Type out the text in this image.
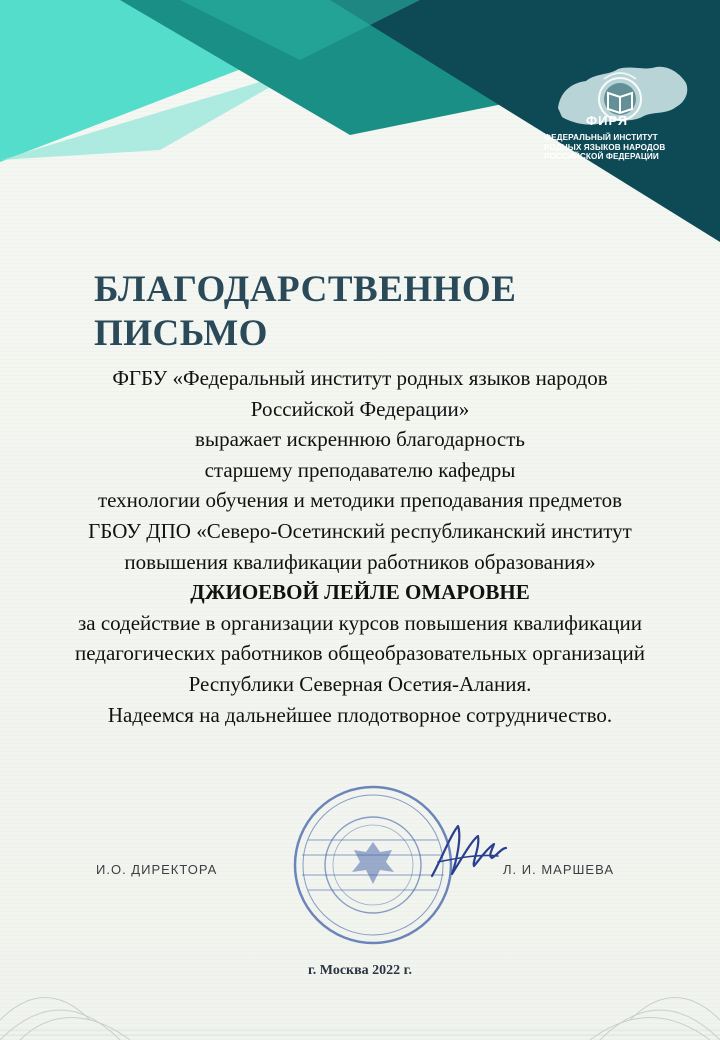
ФИРЯ
ФЕДЕРАЛЬНЫЙ ИНСТИТУТ
РОДНЫХ ЯЗЫКОВ НАРОДОВ
РОССИЙСКОЙ ФЕДЕРАЦИИ
БЛАГОДАРСТВЕННОЕ
ПИСЬМО
ФГБУ «Федеральный институт родных языков народов
Российской Федерации»
выражает искреннюю благодарность
старшему преподавателю кафедры
технологии обучения и методики преподавания предметов
ГБОУ ДПО «Северо-Осетинский республиканский институт
повышения квалификации работников образования»
ДЖИОЕВОЙ ЛЕЙЛЕ ОМАРОВНЕ
за содействие в организации курсов повышения квалификации
педагогических работников общеобразовательных организаций
Республики Северная Осетия-Алания.
Надеемся на дальнейшее плодотворное сотрудничество.
И.О. ДИРЕКТОРА	Л. И. МАРШЕВА
г. Москва 2022 г.
